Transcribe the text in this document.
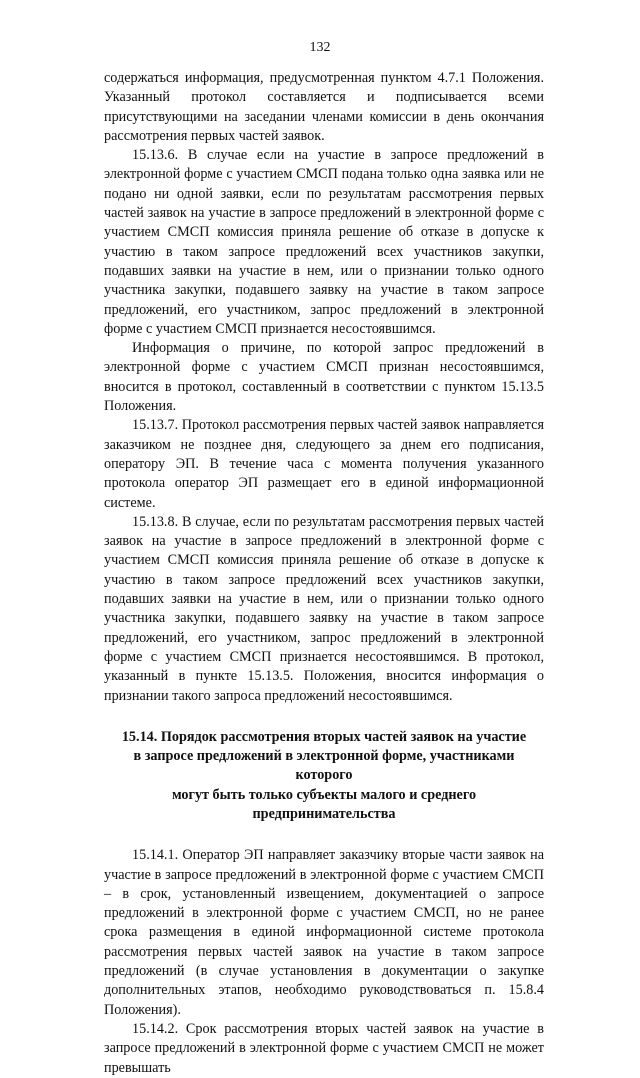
132

содержаться информация, предусмотренная пунктом 4.7.1 Положения. Указанный протокол составляется и подписывается всеми присутствующими на заседании членами комиссии в день окончания рассмотрения первых частей заявок.

15.13.6. В случае если на участие в запросе предложений в электронной форме с участием СМСП подана только одна заявка или не подано ни одной заявки, если по результатам рассмотрения первых частей заявок на участие в запросе предложений в электронной форме с участием СМСП комиссия приняла решение об отказе в допуске к участию в таком запросе предложений всех участников закупки, подавших заявки на участие в нем, или о признании только одного участника закупки, подавшего заявку на участие в таком запросе предложений, его участником, запрос предложений в электронной форме с участием СМСП признается несостоявшимся.

Информация о причине, по которой запрос предложений в электронной форме с участием СМСП признан несостоявшимся, вносится в протокол, составленный в соответствии с пунктом 15.13.5 Положения.

15.13.7. Протокол рассмотрения первых частей заявок направляется заказчиком не позднее дня, следующего за днем его подписания, оператору ЭП. В течение часа с момента получения указанного протокола оператор ЭП размещает его в единой информационной системе.

15.13.8. В случае, если по результатам рассмотрения первых частей заявок на участие в запросе предложений в электронной форме с участием СМСП комиссия приняла решение об отказе в допуске к участию в таком запросе предложений всех участников закупки, подавших заявки на участие в нем, или о признании только одного участника закупки, подавшего заявку на участие в таком запросе предложений, его участником, запрос предложений в электронной форме с участием СМСП признается несостоявшимся. В протокол, указанный в пункте 15.13.5. Положения, вносится информация о признании такого запроса предложений несостоявшимся.

15.14. Порядок рассмотрения вторых частей заявок на участие
в запросе предложений в электронной форме, участниками которого
могут быть только субъекты малого и среднего предпринимательства

15.14.1. Оператор ЭП направляет заказчику вторые части заявок на участие в запросе предложений в электронной форме с участием СМСП – в срок, установленный извещением, документацией о запросе предложений в электронной форме с участием СМСП, но не ранее срока размещения в единой информационной системе протокола рассмотрения первых частей заявок на участие в таком запросе предложений (в случае установления в документации о закупке дополнительных этапов, необходимо руководствоваться п. 15.8.4 Положения).

15.14.2. Срок рассмотрения вторых частей заявок на участие в запросе предложений в электронной форме с участием СМСП не может превышать
